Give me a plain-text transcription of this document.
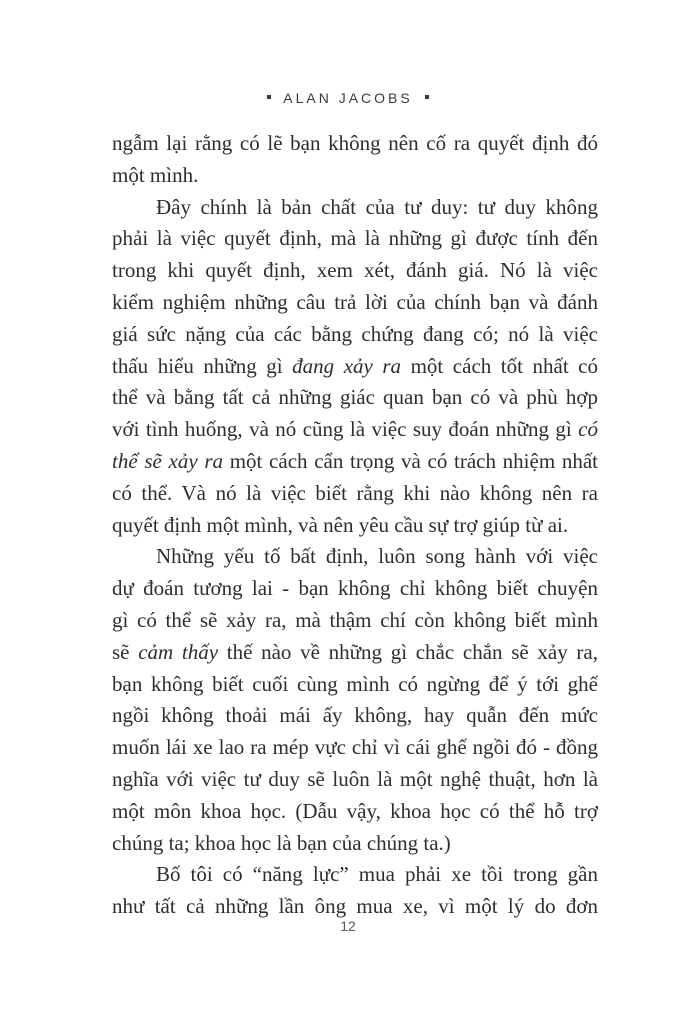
ALAN JACOBS
ngẫm lại rằng có lẽ bạn không nên cố ra quyết định đó
một mình.
Đây chính là bản chất của tư duy: tư duy không
phải là việc quyết định, mà là những gì được tính đến
trong khi quyết định, xem xét, đánh giá. Nó là việc
kiểm nghiệm những câu trả lời của chính bạn và đánh
giá sức nặng của các bằng chứng đang có; nó là việc
thấu hiểu những gì đang xảy ra một cách tốt nhất có
thể và bằng tất cả những giác quan bạn có và phù hợp
với tình huống, và nó cũng là việc suy đoán những gì có
thể sẽ xảy ra một cách cẩn trọng và có trách nhiệm nhất
có thể. Và nó là việc biết rằng khi nào không nên ra
quyết định một mình, và nên yêu cầu sự trợ giúp từ ai.
Những yếu tố bất định, luôn song hành với việc
dự đoán tương lai - bạn không chỉ không biết chuyện
gì có thể sẽ xảy ra, mà thậm chí còn không biết mình
sẽ cảm thấy thế nào về những gì chắc chắn sẽ xảy ra,
bạn không biết cuối cùng mình có ngừng để ý tới ghế
ngồi không thoải mái ấy không, hay quẫn đến mức
muốn lái xe lao ra mép vực chỉ vì cái ghế ngồi đó - đồng
nghĩa với việc tư duy sẽ luôn là một nghệ thuật, hơn là
một môn khoa học. (Dẫu vậy, khoa học có thể hỗ trợ
chúng ta; khoa học là bạn của chúng ta.)
Bố tôi có “năng lực” mua phải xe tồi trong gần
như tất cả những lần ông mua xe, vì một lý do đơn
12
